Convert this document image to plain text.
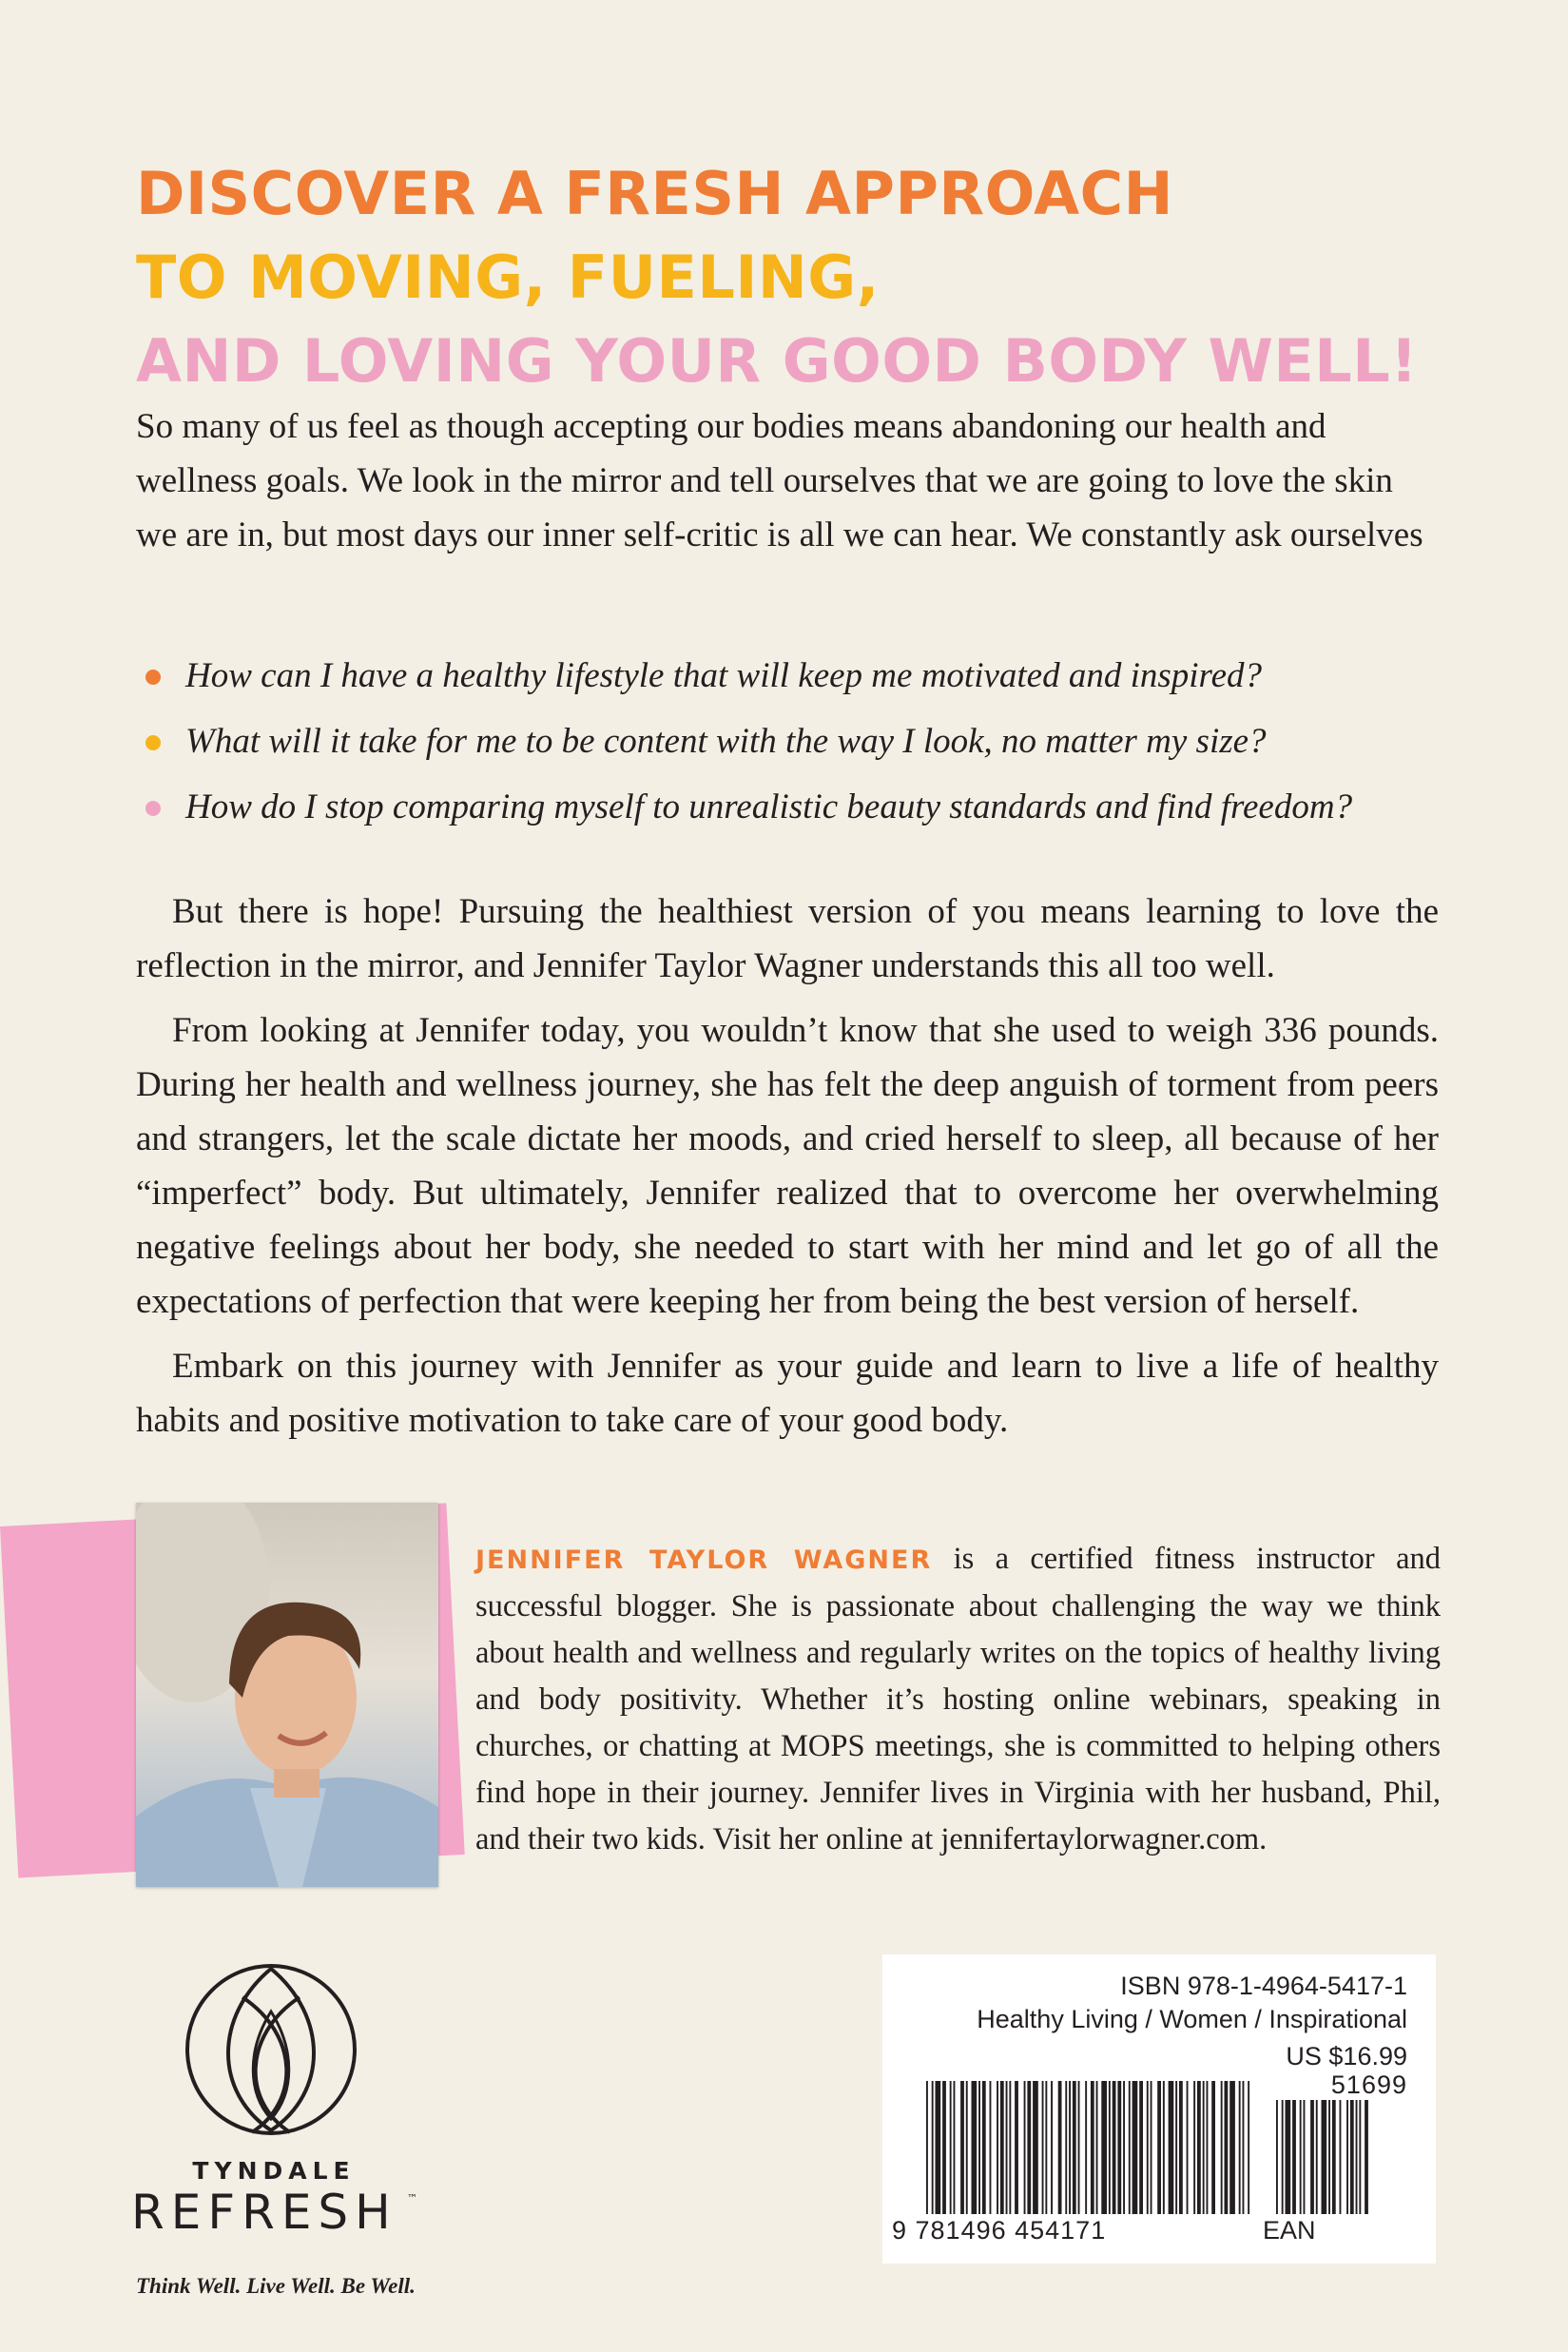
DISCOVER A FRESH APPROACH
TO MOVING, FUELING,
AND LOVING YOUR GOOD BODY WELL!

So many of us feel as though accepting our bodies means abandoning our health and wellness goals. We look in the mirror and tell ourselves that we are going to love the skin we are in, but most days our inner self-critic is all we can hear. We constantly ask ourselves

How can I have a healthy lifestyle that will keep me motivated and inspired?
What will it take for me to be content with the way I look, no matter my size?
How do I stop comparing myself to unrealistic beauty standards and find freedom?

But there is hope! Pursuing the healthiest version of you means learning to love the reflection in the mirror, and Jennifer Taylor Wagner understands this all too well.

From looking at Jennifer today, you wouldn’t know that she used to weigh 336 pounds. During her health and wellness journey, she has felt the deep anguish of torment from peers and strangers, let the scale dictate her moods, and cried herself to sleep, all because of her “imperfect” body. But ultimately, Jennifer realized that to overcome her overwhelming negative feelings about her body, she needed to start with her mind and let go of all the expectations of perfection that were keeping her from being the best version of herself.

Embark on this journey with Jennifer as your guide and learn to live a life of healthy habits and positive motivation to take care of your good body.

JENNIFER TAYLOR WAGNER is a certified fitness instructor and successful blogger. She is passionate about challenging the way we think about health and wellness and regularly writes on the topics of healthy living and body positivity. Whether it’s hosting online webinars, speaking in churches, or chatting at MOPS meetings, she is committed to helping others find hope in their journey. Jennifer lives in Virginia with her husband, Phil, and their two kids. Visit her online at jennifertaylorwagner.com.

TYNDALE
REFRESH ™
Think Well. Live Well. Be Well.
ISBN 978-1-4964-5417-1
Healthy Living / Women / Inspirational
US $16.99
51699
9 781496 454171	EAN
